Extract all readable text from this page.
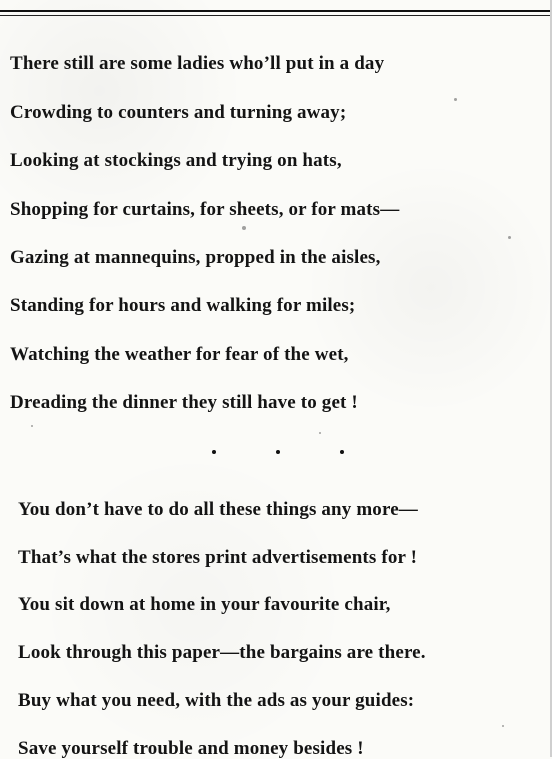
There still are some ladies who’ll put in a day

Crowding to counters and turning away;

Looking at stockings and trying on hats,

Shopping for curtains, for sheets, or for mats—

Gazing at mannequins, propped in the aisles,

Standing for hours and walking for miles;

Watching the weather for fear of the wet,

Dreading the dinner they still have to get !

You don’t have to do all these things any more—

That’s what the stores print advertisements for !

You sit down at home in your favourite chair,

Look through this paper—the bargains are there.

Buy what you need, with the ads as your guides:

Save yourself trouble and money besides !
